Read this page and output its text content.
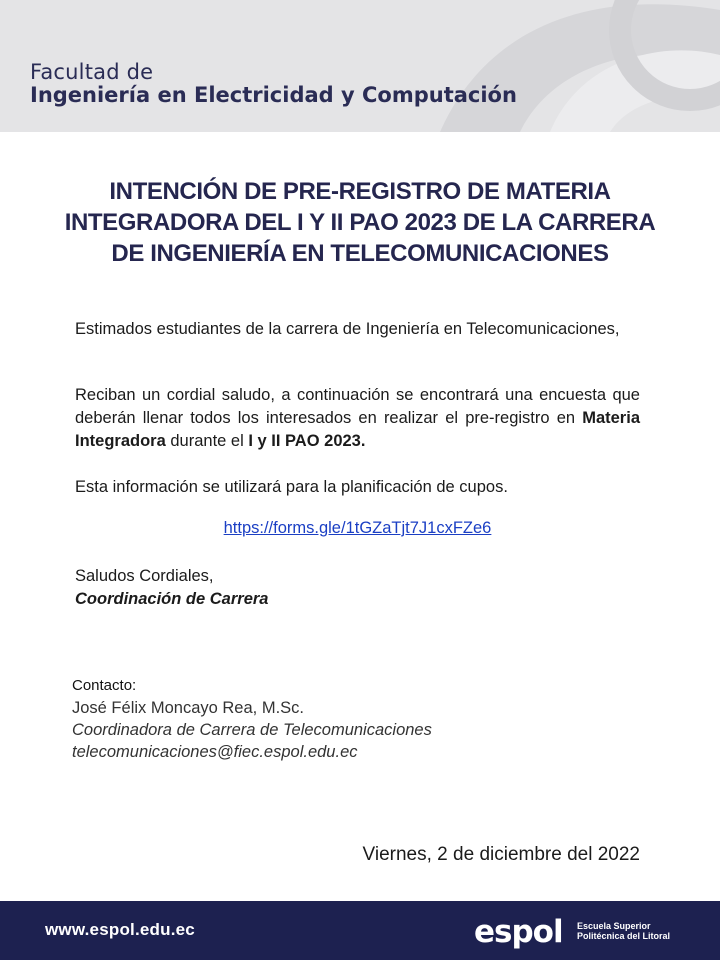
Facultad de
Ingeniería en Electricidad y Computación
INTENCIÓN DE PRE-REGISTRO DE MATERIA
INTEGRADORA DEL I Y II PAO 2023 DE LA CARRERA
DE INGENIERÍA EN TELECOMUNICACIONES
Estimados estudiantes de la carrera de Ingeniería en Telecomunicaciones,
Reciban un cordial saludo, a continuación se encontrará una encuesta que deberán llenar todos los interesados en realizar el pre-registro en Materia Integradora durante el I y II PAO 2023.
Esta información se utilizará para la planificación de cupos.
https://forms.gle/1tGZaTjt7J1cxFZe6
Saludos Cordiales,
Coordinación de Carrera
Contacto:
José Félix Moncayo Rea, M.Sc.
Coordinadora de Carrera de Telecomunicaciones
telecomunicaciones@fiec.espol.edu.ec
Viernes, 2 de diciembre del 2022
www.espol.edu.ec	espol Escuela Superior
Politécnica del Litoral
